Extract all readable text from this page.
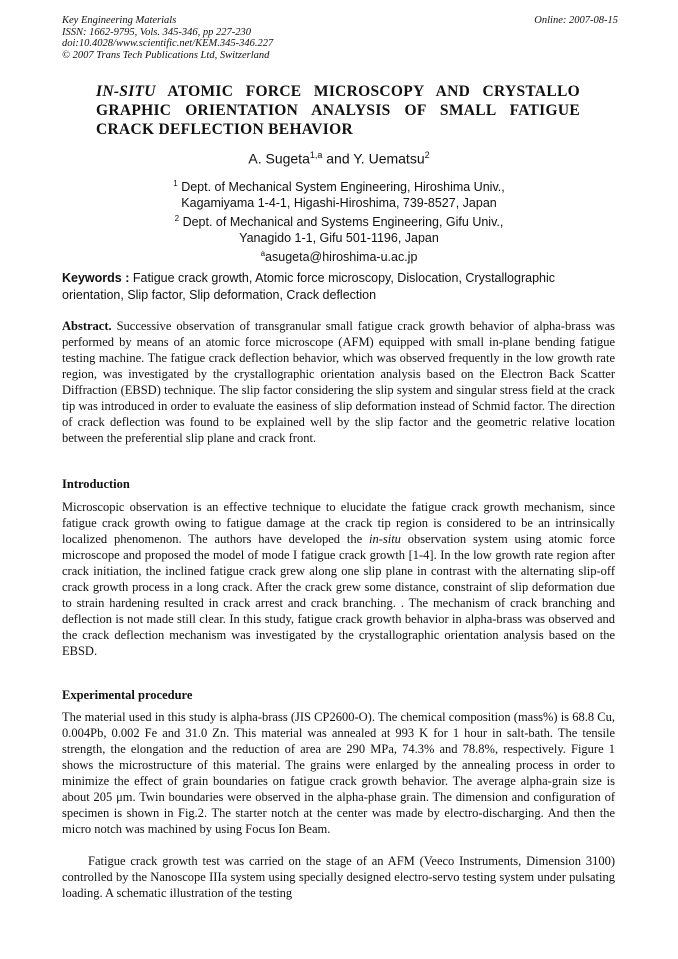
Key Engineering Materials
ISSN: 1662-9795, Vols. 345-346, pp 227-230
doi:10.4028/www.scientific.net/KEM.345-346.227
© 2007 Trans Tech Publications Ltd, Switzerland
Online: 2007-08-15
IN-SITU ATOMIC FORCE MICROSCOPY AND CRYSTALLO GRAPHIC ORIENTATION ANALYSIS OF SMALL FATIGUE CRACK DEFLECTION BEHAVIOR
A. Sugeta$^{1,a}$ and Y. Uematsu$^2$
$^1$ Dept. of Mechanical System Engineering, Hiroshima Univ.,
Kagamiyama 1-4-1, Higashi-Hiroshima, 739-8527, Japan
$^2$ Dept. of Mechanical and Systems Engineering, Gifu Univ.,
Yanagido 1-1, Gifu 501-1196, Japan
$^a$asugeta@hiroshima-u.ac.jp
Keywords : Fatigue crack growth, Atomic force microscopy, Dislocation, Crystallographic orientation, Slip factor, Slip deformation, Crack deflection

Abstract. Successive observation of transgranular small fatigue crack growth behavior of alpha-brass was performed by means of an atomic force microscope (AFM) equipped with small in-plane bending fatigue testing machine. The fatigue crack deflection behavior, which was observed frequently in the low growth rate region, was investigated by the crystallographic orientation analysis based on the Electron Back Scatter Diffraction (EBSD) technique. The slip factor considering the slip system and singular stress field at the crack tip was introduced in order to evaluate the easiness of slip deformation instead of Schmid factor. The direction of crack deflection was found to be explained well by the slip factor and the geometric relative location between the preferential slip plane and crack front.

Introduction

Microscopic observation is an effective technique to elucidate the fatigue crack growth mechanism, since fatigue crack growth owing to fatigue damage at the crack tip region is considered to be an intrinsically localized phenomenon. The authors have developed the in-situ observation system using atomic force microscope and proposed the model of mode I fatigue crack growth [1-4]. In the low growth rate region after crack initiation, the inclined fatigue crack grew along one slip plane in contrast with the alternating slip-off crack growth process in a long crack. After the crack grew some distance, constraint of slip deformation due to strain hardening resulted in crack arrest and crack branching. . The mechanism of crack branching and deflection is not made still clear. In this study, fatigue crack growth behavior in alpha-brass was observed and the crack deflection mechanism was investigated by the crystallographic orientation analysis based on the EBSD.

Experimental procedure

The material used in this study is alpha-brass (JIS CP2600-O). The chemical composition (mass%) is 68.8 Cu, 0.004Pb, 0.002 Fe and 31.0 Zn. This material was annealed at 993 K for 1 hour in salt-bath. The tensile strength, the elongation and the reduction of area are 290 MPa, 74.3% and 78.8%, respectively. Figure 1 shows the microstructure of this material. The grains were enlarged by the annealing process in order to minimize the effect of grain boundaries on fatigue crack growth behavior. The average alpha-grain size is about 205 μm. Twin boundaries were observed in the alpha-phase grain. The dimension and configuration of specimen is shown in Fig.2. The starter notch at the center was made by electro-discharging. And then the micro notch was machined by using Focus Ion Beam.

Fatigue crack growth test was carried on the stage of an AFM (Veeco Instruments, Dimension 3100) controlled by the Nanoscope IIIa system using specially designed electro-servo testing system under pulsating loading. A schematic illustration of the testing
